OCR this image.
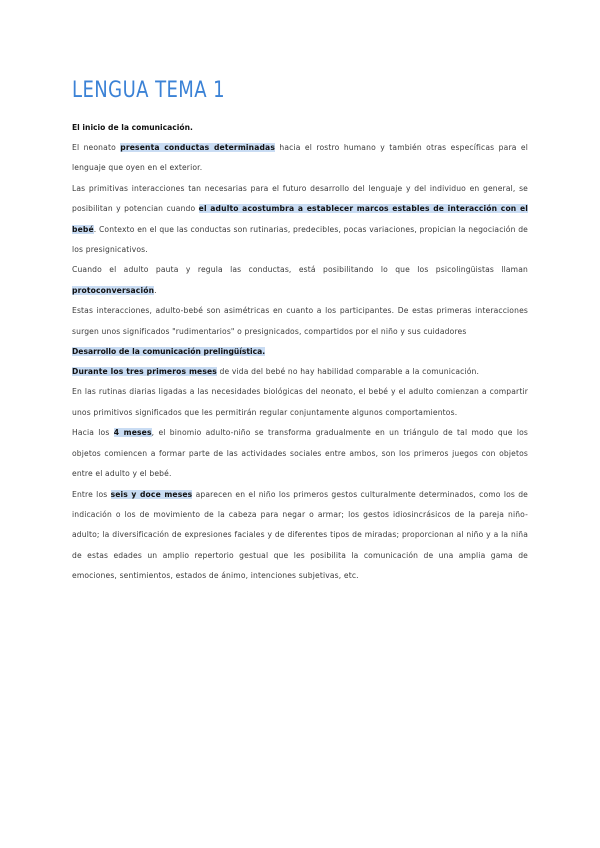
LENGUA TEMA 1

El inicio de la comunicación.

El neonato presenta conductas determinadas hacia el rostro humano y también otras específicas para el lenguaje que oyen en el exterior.

Las primitivas interacciones tan necesarias para el futuro desarrollo del lenguaje y del individuo en general, se posibilitan y potencian cuando el adulto acostumbra a establecer marcos estables de interacción con el bebé. Contexto en el que las conductas son rutinarias, predecibles, pocas variaciones, propician la negociación de los presignicativos.

Cuando el adulto pauta y regula las conductas, está posibilitando lo que los psicolingüistas llaman protoconversación.

Estas interacciones, adulto-bebé son asimétricas en cuanto a los participantes. De estas primeras interacciones surgen unos significados "rudimentarios" o presignicados, compartidos por el niño y sus cuidadores

Desarrollo de la comunicación prelingüística.

Durante los tres primeros meses de vida del bebé no hay habilidad comparable a la comunicación.

En las rutinas diarias ligadas a las necesidades biológicas del neonato, el bebé y el adulto comienzan a compartir unos primitivos significados que les permitirán regular conjuntamente algunos comportamientos.

Hacia los 4 meses, el binomio adulto-niño se transforma gradualmente en un triángulo de tal modo que los objetos comiencen a formar parte de las actividades sociales entre ambos, son los primeros juegos con objetos entre el adulto y el bebé.

Entre los seis y doce meses aparecen en el niño los primeros gestos culturalmente determinados, como los de indicación o los de movimiento de la cabeza para negar o armar; los gestos idiosincrásicos de la pareja niño-adulto; la diversificación de expresiones faciales y de diferentes tipos de miradas; proporcionan al niño y a la niña de estas edades un amplio repertorio gestual que les posibilita la comunicación de una amplia gama de emociones, sentimientos, estados de ánimo, intenciones subjetivas, etc.
